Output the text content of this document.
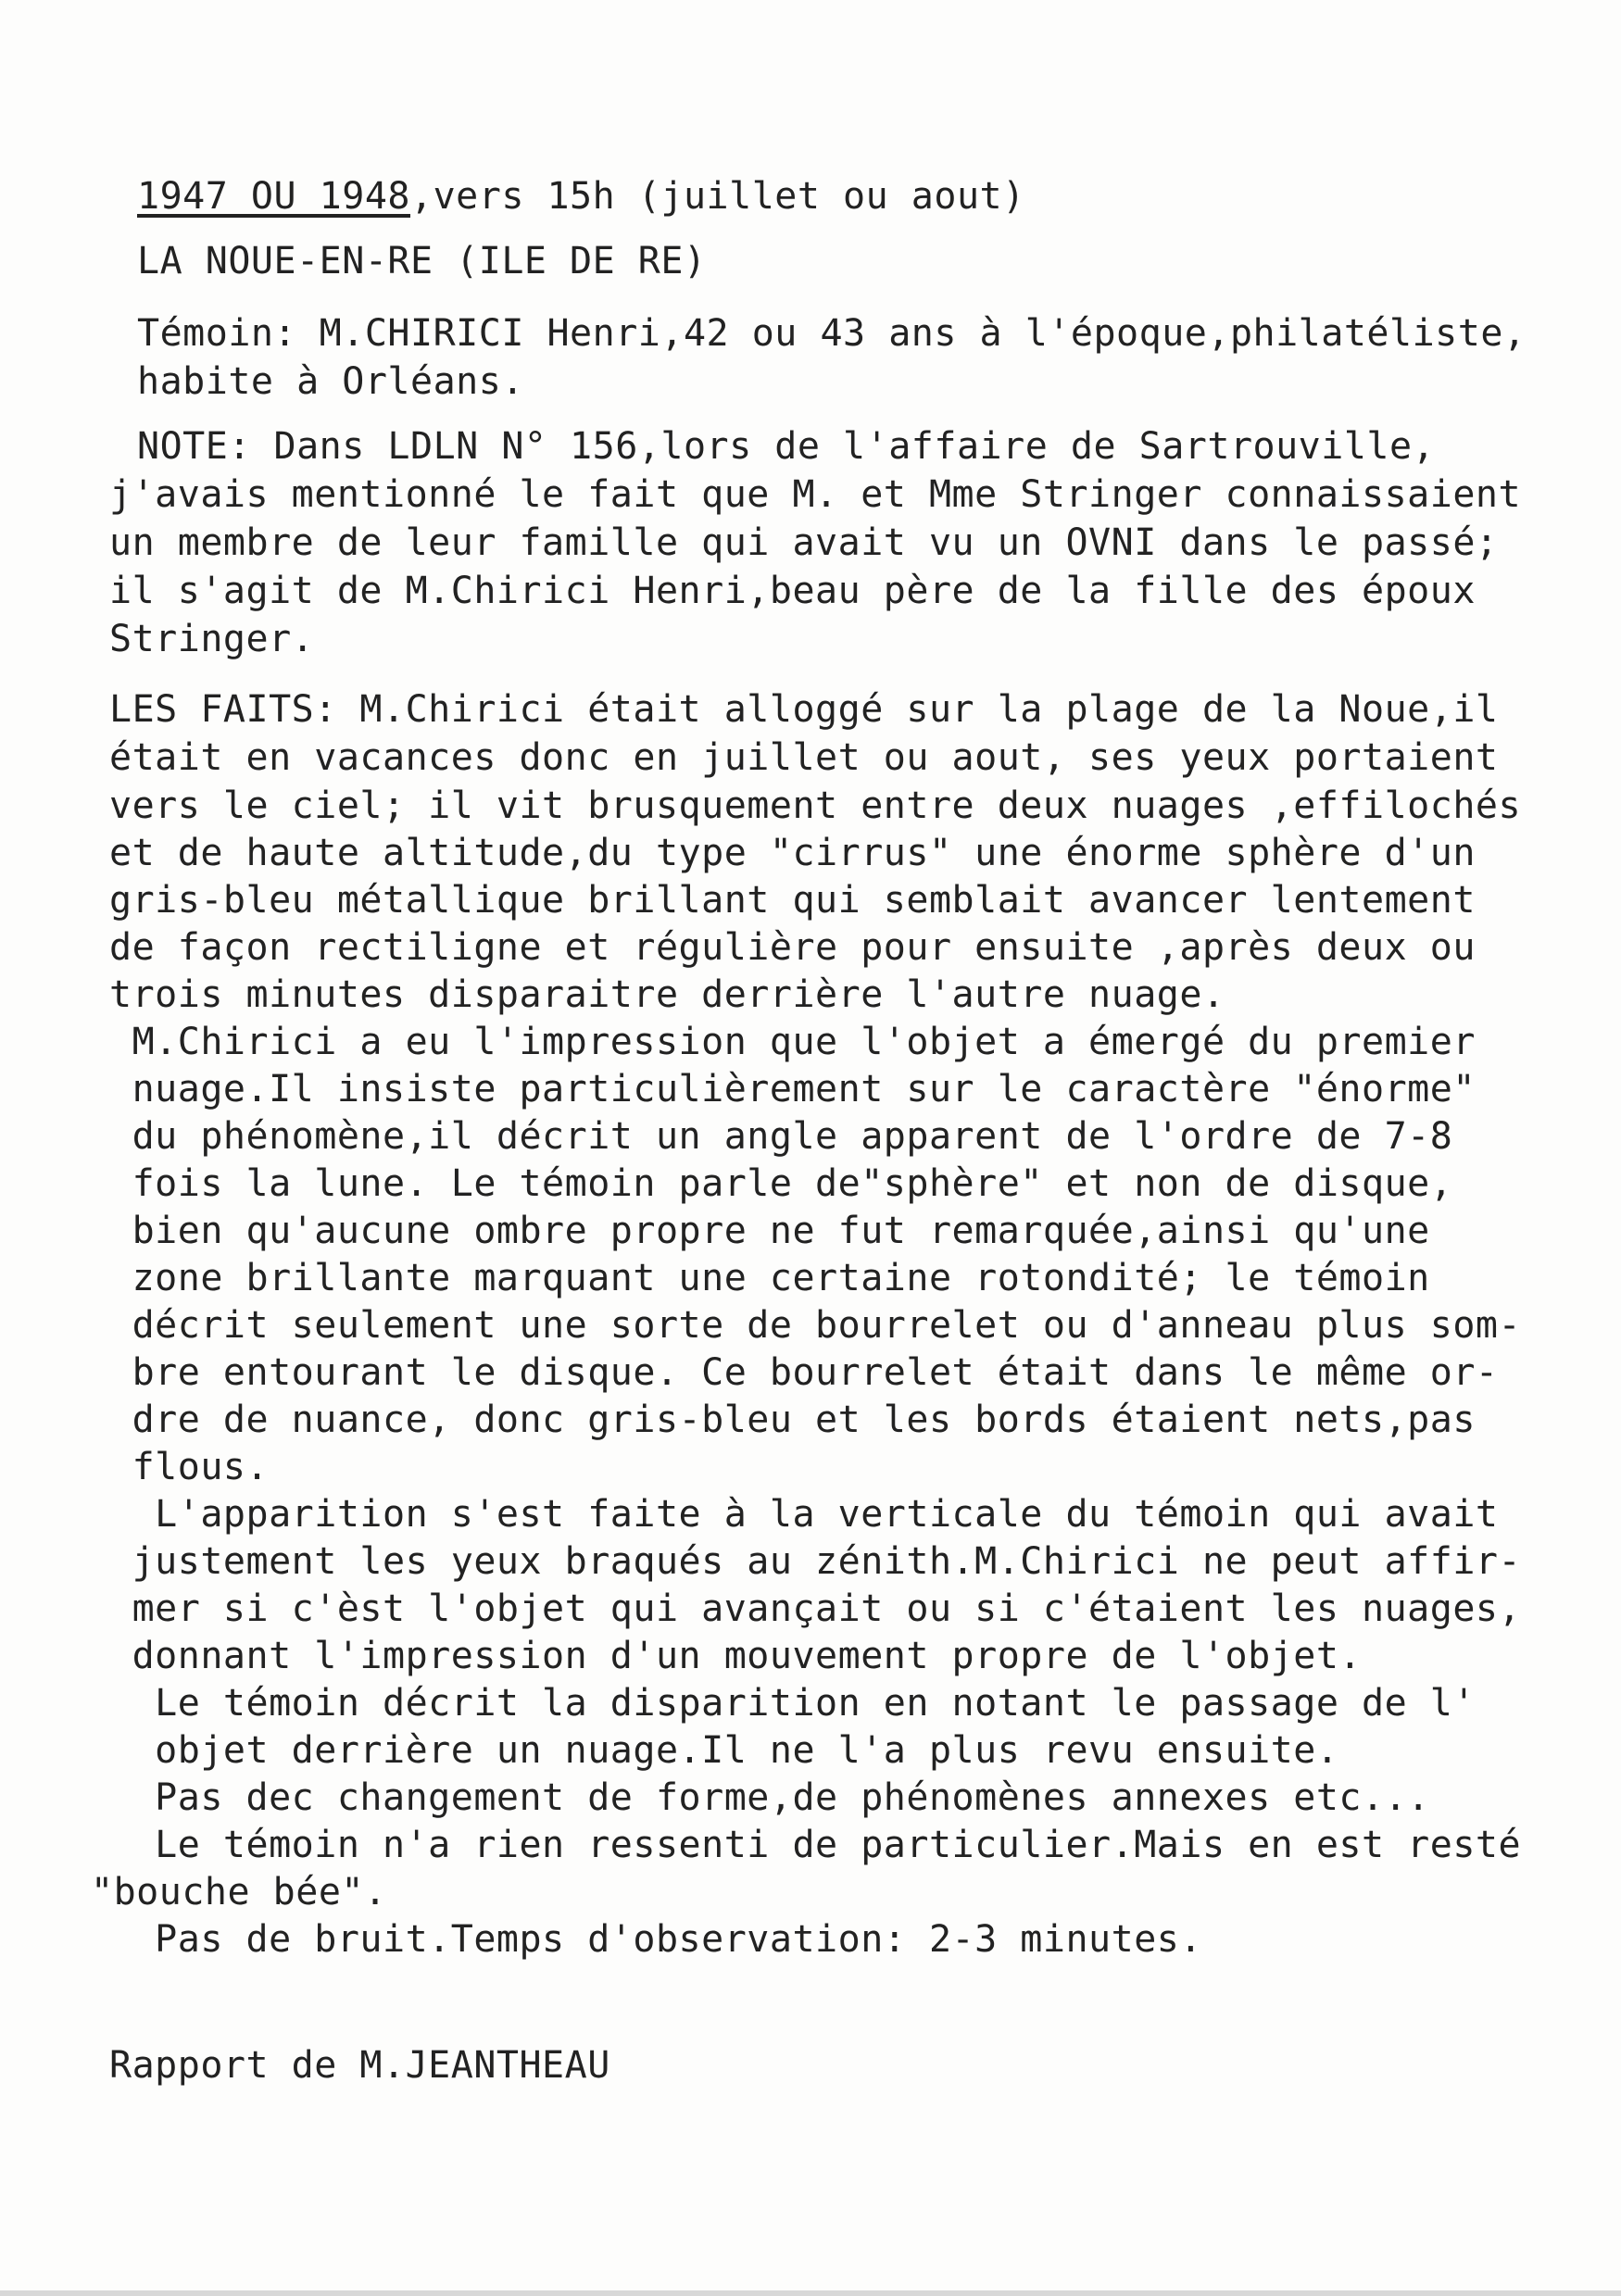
1947 OU 1948,vers 15h (juillet ou aout)
LA NOUE-EN-RE (ILE DE RE)
Témoin: M.CHIRICI Henri,42 ou 43 ans à l'époque,philatéliste,
habite à Orléans.
NOTE: Dans LDLN N° 156,lors de l'affaire de Sartrouville,
j'avais mentionné le fait que M. et Mme Stringer connaissaient
un membre de leur famille qui avait vu un OVNI dans le passé;
il s'agit de M.Chirici Henri,beau père de la fille des époux
Stringer.
LES FAITS: M.Chirici était alloggé sur la plage de la Noue,il
était en vacances donc en juillet ou aout, ses yeux portaient
vers le ciel; il vit brusquement entre deux nuages ,effilochés
et de haute altitude,du type "cirrus" une énorme sphère d'un
gris-bleu métallique brillant qui semblait avancer lentement
de façon rectiligne et régulière pour ensuite ,après deux ou
trois minutes disparaitre derrière l'autre nuage.
M.Chirici a eu l'impression que l'objet a émergé du premier
nuage.Il insiste particulièrement sur le caractère "énorme"
du phénomène,il décrit un angle apparent de l'ordre de 7-8
fois la lune. Le témoin parle de"sphère" et non de disque,
bien qu'aucune ombre propre ne fut remarquée,ainsi qu'une
zone brillante marquant une certaine rotondité; le témoin
décrit seulement une sorte de bourrelet ou d'anneau plus som-
bre entourant le disque. Ce bourrelet était dans le même or-
dre de nuance, donc gris-bleu et les bords étaient nets,pas
flous.
L'apparition s'est faite à la verticale du témoin qui avait
justement les yeux braqués au zénith.M.Chirici ne peut affir-
mer si c'èst l'objet qui avançait ou si c'étaient les nuages,
donnant l'impression d'un mouvement propre de l'objet.
Le témoin décrit la disparition en notant le passage de l'
objet derrière un nuage.Il ne l'a plus revu ensuite.
Pas dec changement de forme,de phénomènes annexes etc...
Le témoin n'a rien ressenti de particulier.Mais en est resté
"bouche bée".
Pas de bruit.Temps d'observation: 2-3 minutes.
Rapport de M.JEANTHEAU
